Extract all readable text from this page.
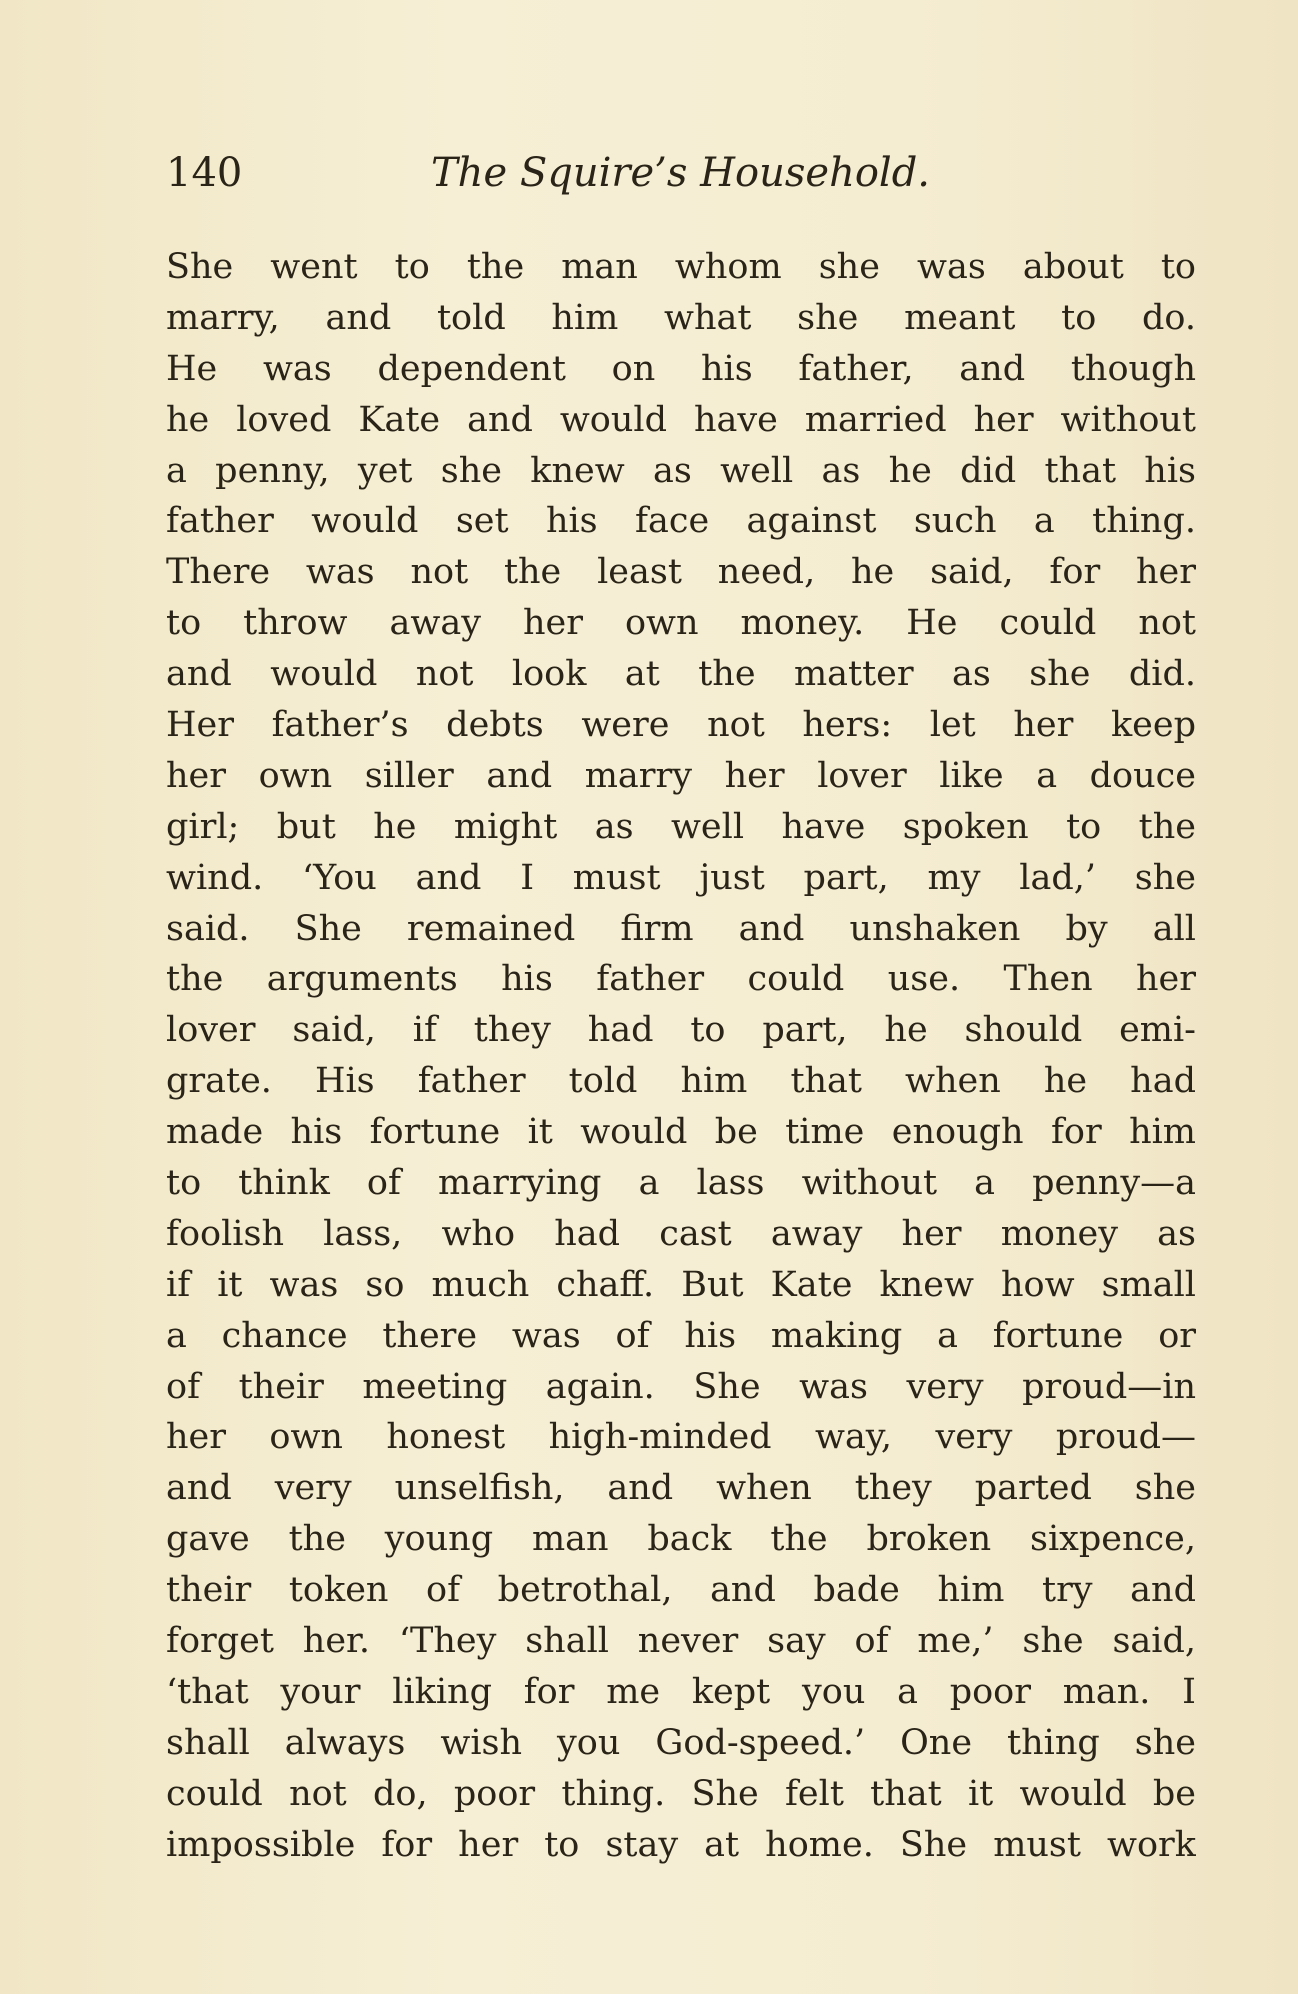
140	The Squire’s Household.
She went to the man whom she was about to
marry, and told him what she meant to do.
He was dependent on his father, and though
he loved Kate and would have married her without
a penny, yet she knew as well as he did that his
father would set his face against such a thing.
There was not the least need, he said, for her
to throw away her own money. He could not
and would not look at the matter as she did.
Her father’s debts were not hers: let her keep
her own siller and marry her lover like a douce
girl; but he might as well have spoken to the
wind. ‘You and I must just part, my lad,’ she
said. She remained firm and unshaken by all
the arguments his father could use. Then her
lover said, if they had to part, he should emi-
grate. His father told him that when he had
made his fortune it would be time enough for him
to think of marrying a lass without a penny—a
foolish lass, who had cast away her money as
if it was so much chaff. But Kate knew how small
a chance there was of his making a fortune or
of their meeting again. She was very proud—in
her own honest high-minded way, very proud—
and very unselfish, and when they parted she
gave the young man back the broken sixpence,
their token of betrothal, and bade him try and
forget her. ‘They shall never say of me,’ she said,
‘that your liking for me kept you a poor man. I
shall always wish you God-speed.’ One thing she
could not do, poor thing. She felt that it would be
impossible for her to stay at home. She must work
